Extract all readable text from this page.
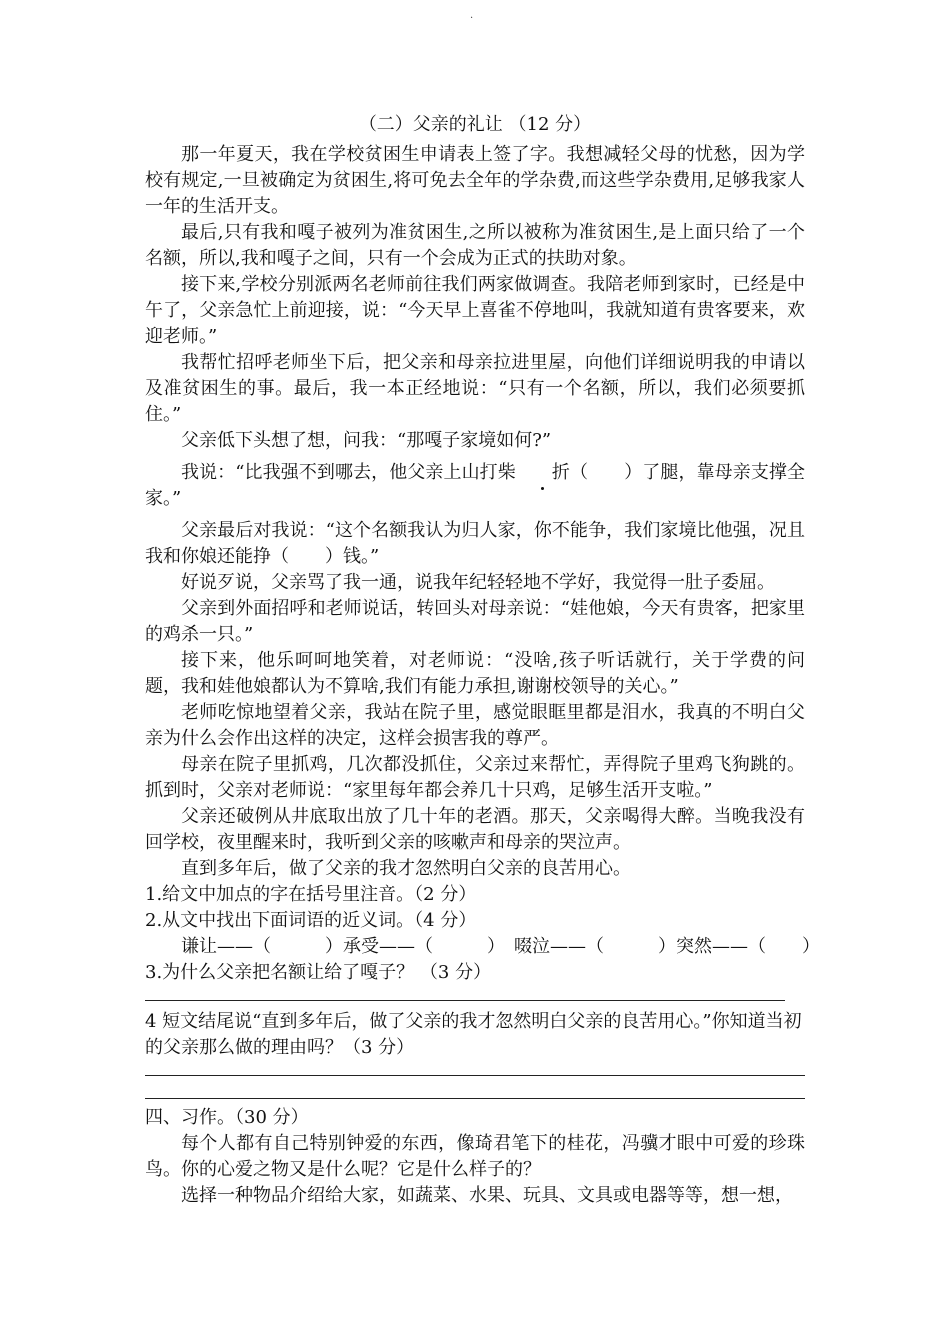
.

（二）父亲的礼让 （12 分）

那一年夏天，我在学校贫困生申请表上签了字。我想减轻父母的忧愁，因为学校有规定,一旦被确定为贫困生,将可免去全年的学杂费,而这些学杂费用,足够我家人一年的生活开支。

最后,只有我和嘎子被列为准贫困生,之所以被称为准贫困生,是上面只给了一个名额，所以,我和嘎子之间，只有一个会成为正式的扶助对象。

接下来,学校分别派两名老师前往我们两家做调查。我陪老师到家时，已经是中午了，父亲急忙上前迎接，说：“今天早上喜雀不停地叫，我就知道有贵客要来，欢迎老师。”

我帮忙招呼老师坐下后，把父亲和母亲拉进里屋，向他们详细说明我的申请以及准贫困生的事。最后，我一本正经地说：“只有一个名额，所以，我们必须要抓住。”

父亲低下头想了想，问我：“那嘎子家境如何?”

我说：“比我强不到哪去，他父亲上山打柴 折（　　）了腿，靠母亲支撑全家。”

父亲最后对我说：“这个名额我认为归人家，你不能争，我们家境比他强，况且我和你娘还能挣（　　）钱。”

好说歹说，父亲骂了我一通，说我年纪轻轻地不学好，我觉得一肚子委屈。

父亲到外面招呼和老师说话，转回头对母亲说：“娃他娘，今天有贵客，把家里的鸡杀一只。”

接下来，他乐呵呵地笑着，对老师说：“没啥,孩子听话就行，关于学费的问题，我和娃他娘都认为不算啥,我们有能力承担,谢谢校领导的关心。”

老师吃惊地望着父亲，我站在院子里，感觉眼眶里都是泪水，我真的不明白父亲为什么会作出这样的决定，这样会损害我的尊严。

母亲在院子里抓鸡，几次都没抓住，父亲过来帮忙，弄得院子里鸡飞狗跳的。抓到时，父亲对老师说：“家里每年都会养几十只鸡，足够生活开支啦。”

父亲还破例从井底取出放了几十年的老酒。那天，父亲喝得大醉。当晚我没有回学校，夜里醒来时，我听到父亲的咳嗽声和母亲的哭泣声。

直到多年后，做了父亲的我才忽然明白父亲的良苦用心。

1.给文中加点的字在括号里注音。（2 分）

2.从文中找出下面词语的近义词。（4 分）

谦让——（　　　）承受——（　　　）　啜泣——（　　　）突然——（　　）

3.为什么父亲把名额让给了嘎子？ （3 分）

4 短文结尾说“直到多年后，做了父亲的我才忽然明白父亲的良苦用心。”你知道当初的父亲那么做的理由吗？（3 分）

四、习作。（30 分）

每个人都有自己特别钟爱的东西，像琦君笔下的桂花，冯骥才眼中可爱的珍珠鸟。你的心爱之物又是什么呢？它是什么样子的？

选择一种物品介绍给大家，如蔬菜、水果、玩具、文具或电器等等，想一想，
